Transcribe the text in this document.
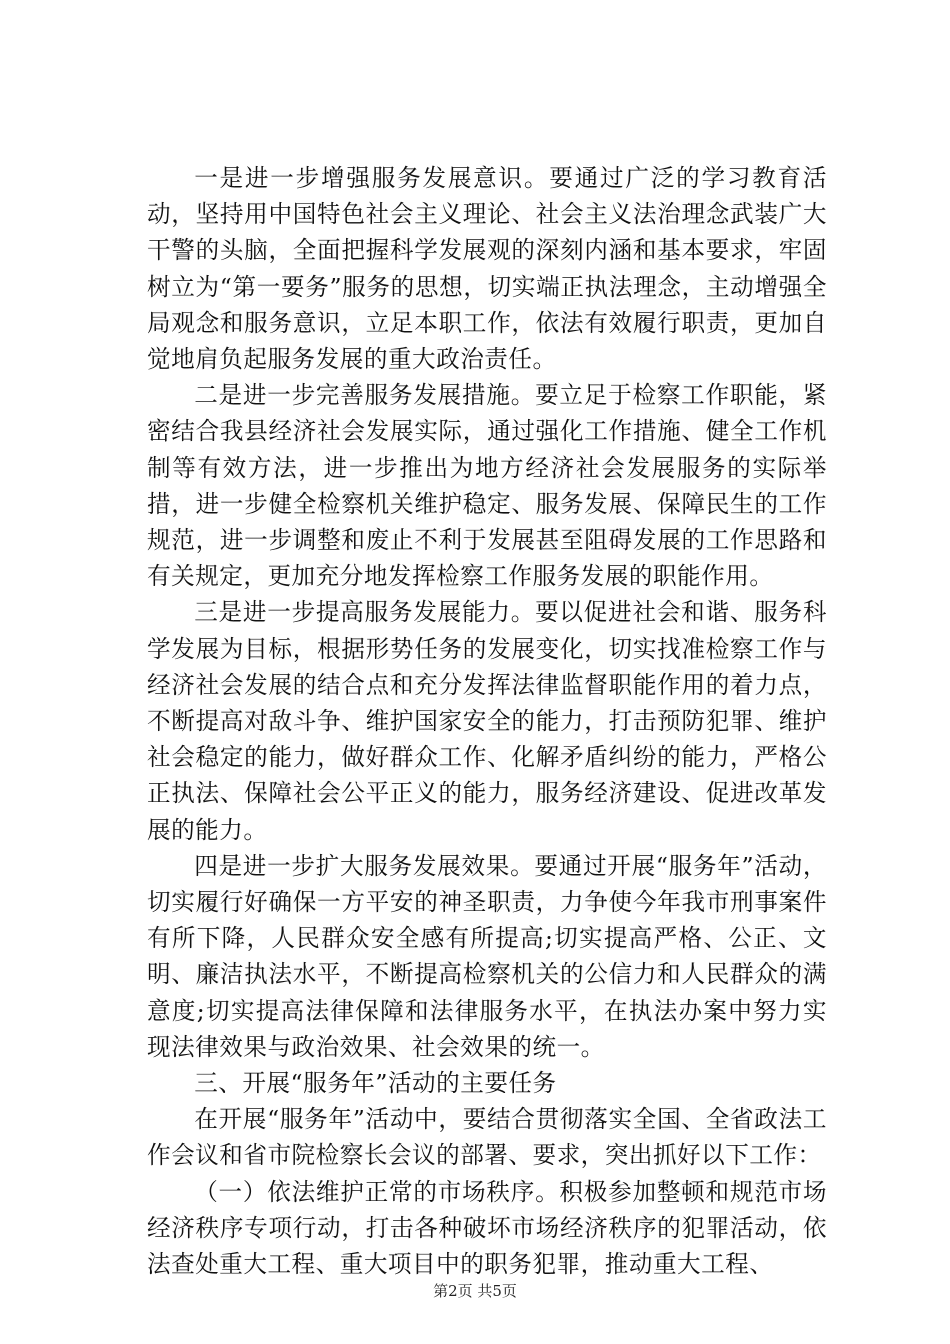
一是进一步增强服务发展意识。要通过广泛的学习教育活动，坚持用中国特色社会主义理论、社会主义法治理念武装广大干警的头脑，全面把握科学发展观的深刻内涵和基本要求，牢固树立为“第一要务”服务的思想，切实端正执法理念，主动增强全局观念和服务意识，立足本职工作，依法有效履行职责，更加自觉地肩负起服务发展的重大政治责任。

二是进一步完善服务发展措施。要立足于检察工作职能，紧密结合我县经济社会发展实际，通过强化工作措施、健全工作机制等有效方法，进一步推出为地方经济社会发展服务的实际举措，进一步健全检察机关维护稳定、服务发展、保障民生的工作规范，进一步调整和废止不利于发展甚至阻碍发展的工作思路和有关规定，更加充分地发挥检察工作服务发展的职能作用。

三是进一步提高服务发展能力。要以促进社会和谐、服务科学发展为目标，根据形势任务的发展变化，切实找准检察工作与经济社会发展的结合点和充分发挥法律监督职能作用的着力点，不断提高对敌斗争、维护国家安全的能力，打击预防犯罪、维护社会稳定的能力，做好群众工作、化解矛盾纠纷的能力，严格公正执法、保障社会公平正义的能力，服务经济建设、促进改革发展的能力。

四是进一步扩大服务发展效果。要通过开展“服务年”活动，切实履行好确保一方平安的神圣职责，力争使今年我市刑事案件有所下降，人民群众安全感有所提高;切实提高严格、公正、文明、廉洁执法水平，不断提高检察机关的公信力和人民群众的满意度;切实提高法律保障和法律服务水平，在执法办案中努力实现法律效果与政治效果、社会效果的统一。

三、开展“服务年”活动的主要任务

在开展“服务年”活动中，要结合贯彻落实全国、全省政法工作会议和省市院检察长会议的部署、要求，突出抓好以下工作：

（一）依法维护正常的市场秩序。积极参加整顿和规范市场经济秩序专项行动，打击各种破坏市场经济秩序的犯罪活动，依法查处重大工程、重大项目中的职务犯罪，推动重大工程、

第2页 共5页
